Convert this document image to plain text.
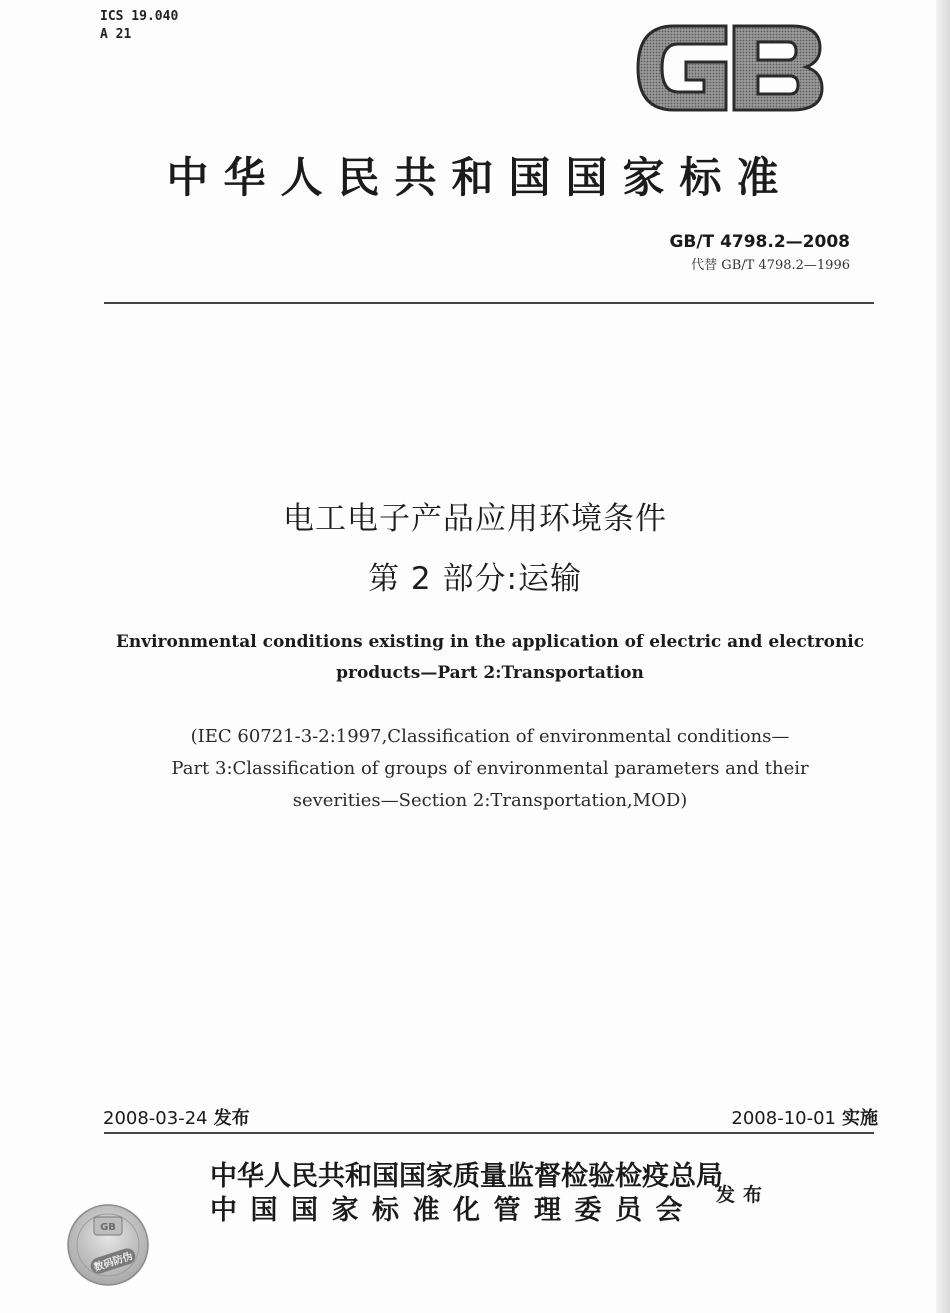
ICS 19.040
A 21
GB
中华人民共和国国家标准
GB/T 4798.2—2008
代替 GB/T 4798.2—1996
电工电子产品应用环境条件
第 2 部分:运输
Environmental conditions existing in the application of electric and electronic
products—Part 2:Transportation
(IEC 60721-3-2:1997,Classification of environmental conditions—
Part 3:Classification of groups of environmental parameters and their
severities—Section 2:Transportation,MOD)
2008-03-24 发布	2008-10-01 实施
中华人民共和国国家质量监督检验检疫总局
中国国家标准化管理委员会	发布
GB
数码防伪
